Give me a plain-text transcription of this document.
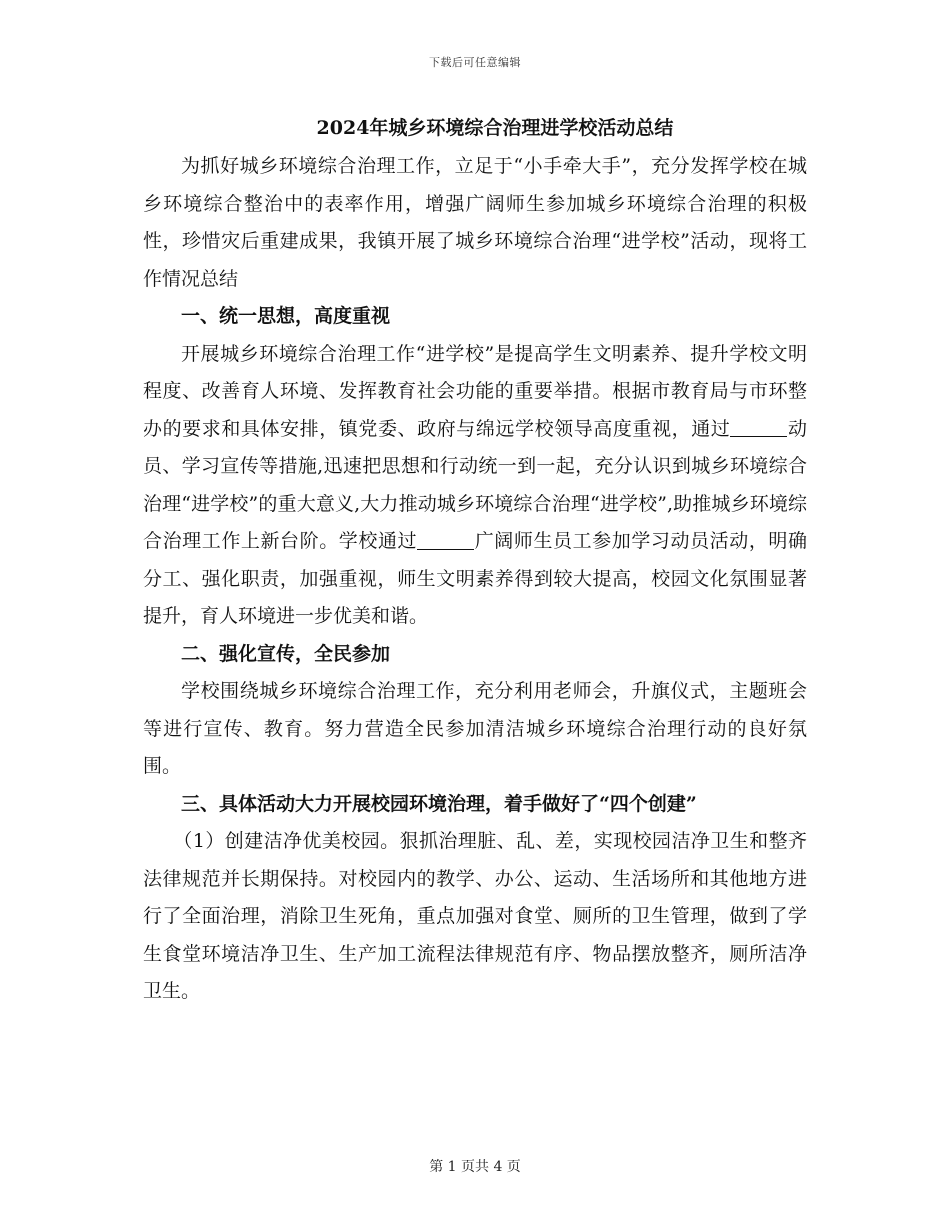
下载后可任意编辑
2024年城乡环境综合治理进学校活动总结

为抓好城乡环境综合治理工作，立足于“小手牵大手”，充分发挥学校在城乡环境综合整治中的表率作用，增强广阔师生参加城乡环境综合治理的积极性，珍惜灾后重建成果，我镇开展了城乡环境综合治理“进学校”活动，现将工作情况总结

一、统一思想，高度重视

开展城乡环境综合治理工作“进学校”是提高学生文明素养、提升学校文明程度、改善育人环境、发挥教育社会功能的重要举措。根据市教育局与市环整办的要求和具体安排，镇党委、政府与绵远学校领导高度重视，通过	动员、学习宣传等措施,迅速把思想和行动统一到一起，充分认识到城乡环境综合治理“进学校”的重大意义,大力推动城乡环境综合治理“进学校”,助推城乡环境综合治理工作上新台阶。学校通过	广阔师生员工参加学习动员活动，明确分工、强化职责，加强重视，师生文明素养得到较大提高，校园文化氛围显著提升，育人环境进一步优美和谐。

二、强化宣传，全民参加

学校围绕城乡环境综合治理工作，充分利用老师会，升旗仪式，主题班会等进行宣传、教育。努力营造全民参加清洁城乡环境综合治理行动的良好氛围。

三、具体活动大力开展校园环境治理，着手做好了“四个创建”

（1）创建洁净优美校园。狠抓治理脏、乱、差，实现校园洁净卫生和整齐法律规范并长期保持。对校园内的教学、办公、运动、生活场所和其他地方进行了全面治理，消除卫生死角，重点加强对食堂、厕所的卫生管理，做到了学生食堂环境洁净卫生、生产加工流程法律规范有序、物品摆放整齐，厕所洁净卫生。

第 1 页共 4 页
